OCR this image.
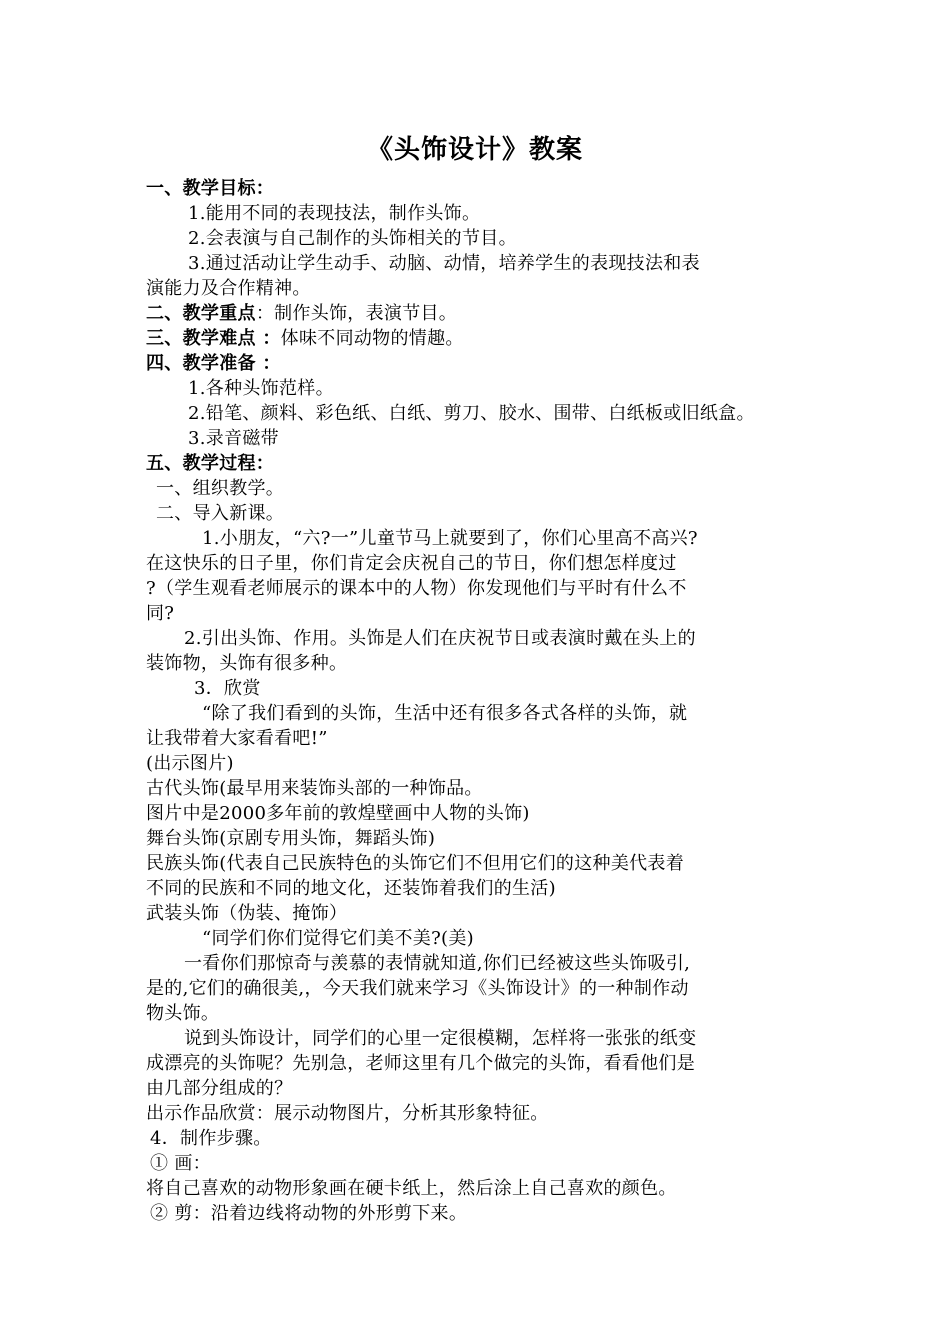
《头饰设计》教案
一、教学目标：
1.能用不同的表现技法，制作头饰。
2.会表演与自己制作的头饰相关的节目。
3.通过活动让学生动手、动脑、动情，培养学生的表现技法和表
演能力及合作精神。
二、教学重点：制作头饰，表演节目。
三、教学难点 ：体味不同动物的情趣。
四、教学准备 ：
1.各种头饰范样。
2.铅笔、颜料、彩色纸、白纸、剪刀、胶水、围带、白纸板或旧纸盒。
3.录音磁带
五、教学过程：
一、组织教学。
二、导入新课。
1.小朋友，“六?一”儿童节马上就要到了，你们心里高不高兴?
在这快乐的日子里，你们肯定会庆祝自己的节日，你们想怎样度过
?（学生观看老师展示的课本中的人物）你发现他们与平时有什么不
同?
2.引出头饰、作用。头饰是人们在庆祝节日或表演时戴在头上的
装饰物，头饰有很多种。
3．欣赏
“除了我们看到的头饰，生活中还有很多各式各样的头饰，就
让我带着大家看看吧!”
(出示图片)
古代头饰(最早用来装饰头部的一种饰品。
图片中是2000多年前的敦煌壁画中人物的头饰)
舞台头饰(京剧专用头饰，舞蹈头饰)
民族头饰(代表自己民族特色的头饰它们不但用它们的这种美代表着
不同的民族和不同的地文化，还装饰着我们的生活)
武装头饰（伪装、掩饰）
“同学们你们觉得它们美不美?(美)
一看你们那惊奇与羡慕的表情就知道,你们已经被这些头饰吸引,
是的,它们的确很美,，今天我们就来学习《头饰设计》的一种制作动
物头饰。
说到头饰设计，同学们的心里一定很模糊，怎样将一张张的纸变
成漂亮的头饰呢？先别急，老师这里有几个做完的头饰，看看他们是
由几部分组成的？
出示作品欣赏：展示动物图片，分析其形象特征。
4．制作步骤。
① 画：
将自己喜欢的动物形象画在硬卡纸上，然后涂上自己喜欢的颜色。
② 剪：沿着边线将动物的外形剪下来。
